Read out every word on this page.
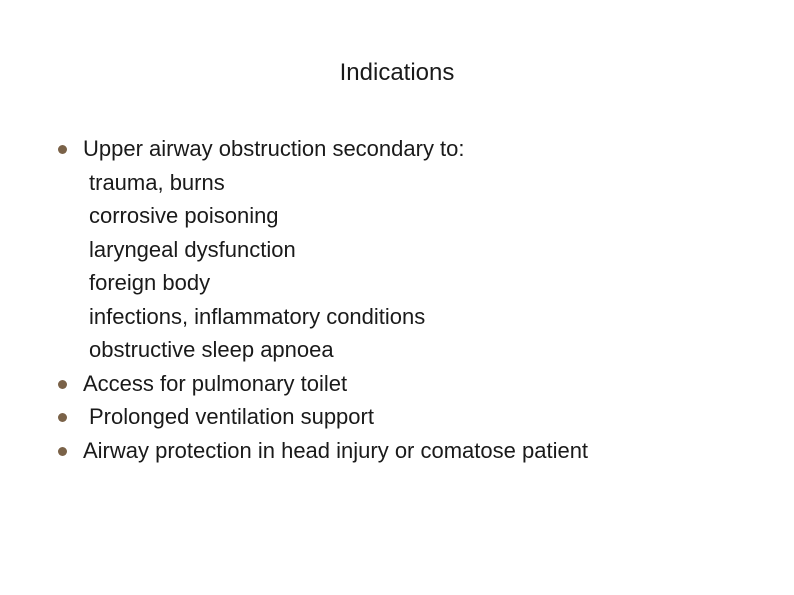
Indications
Upper airway obstruction secondary to:
trauma, burns
corrosive poisoning
laryngeal dysfunction
foreign body
infections, inflammatory conditions
obstructive sleep apnoea
Access for pulmonary toilet
Prolonged ventilation support
Airway protection in head injury or comatose patient
